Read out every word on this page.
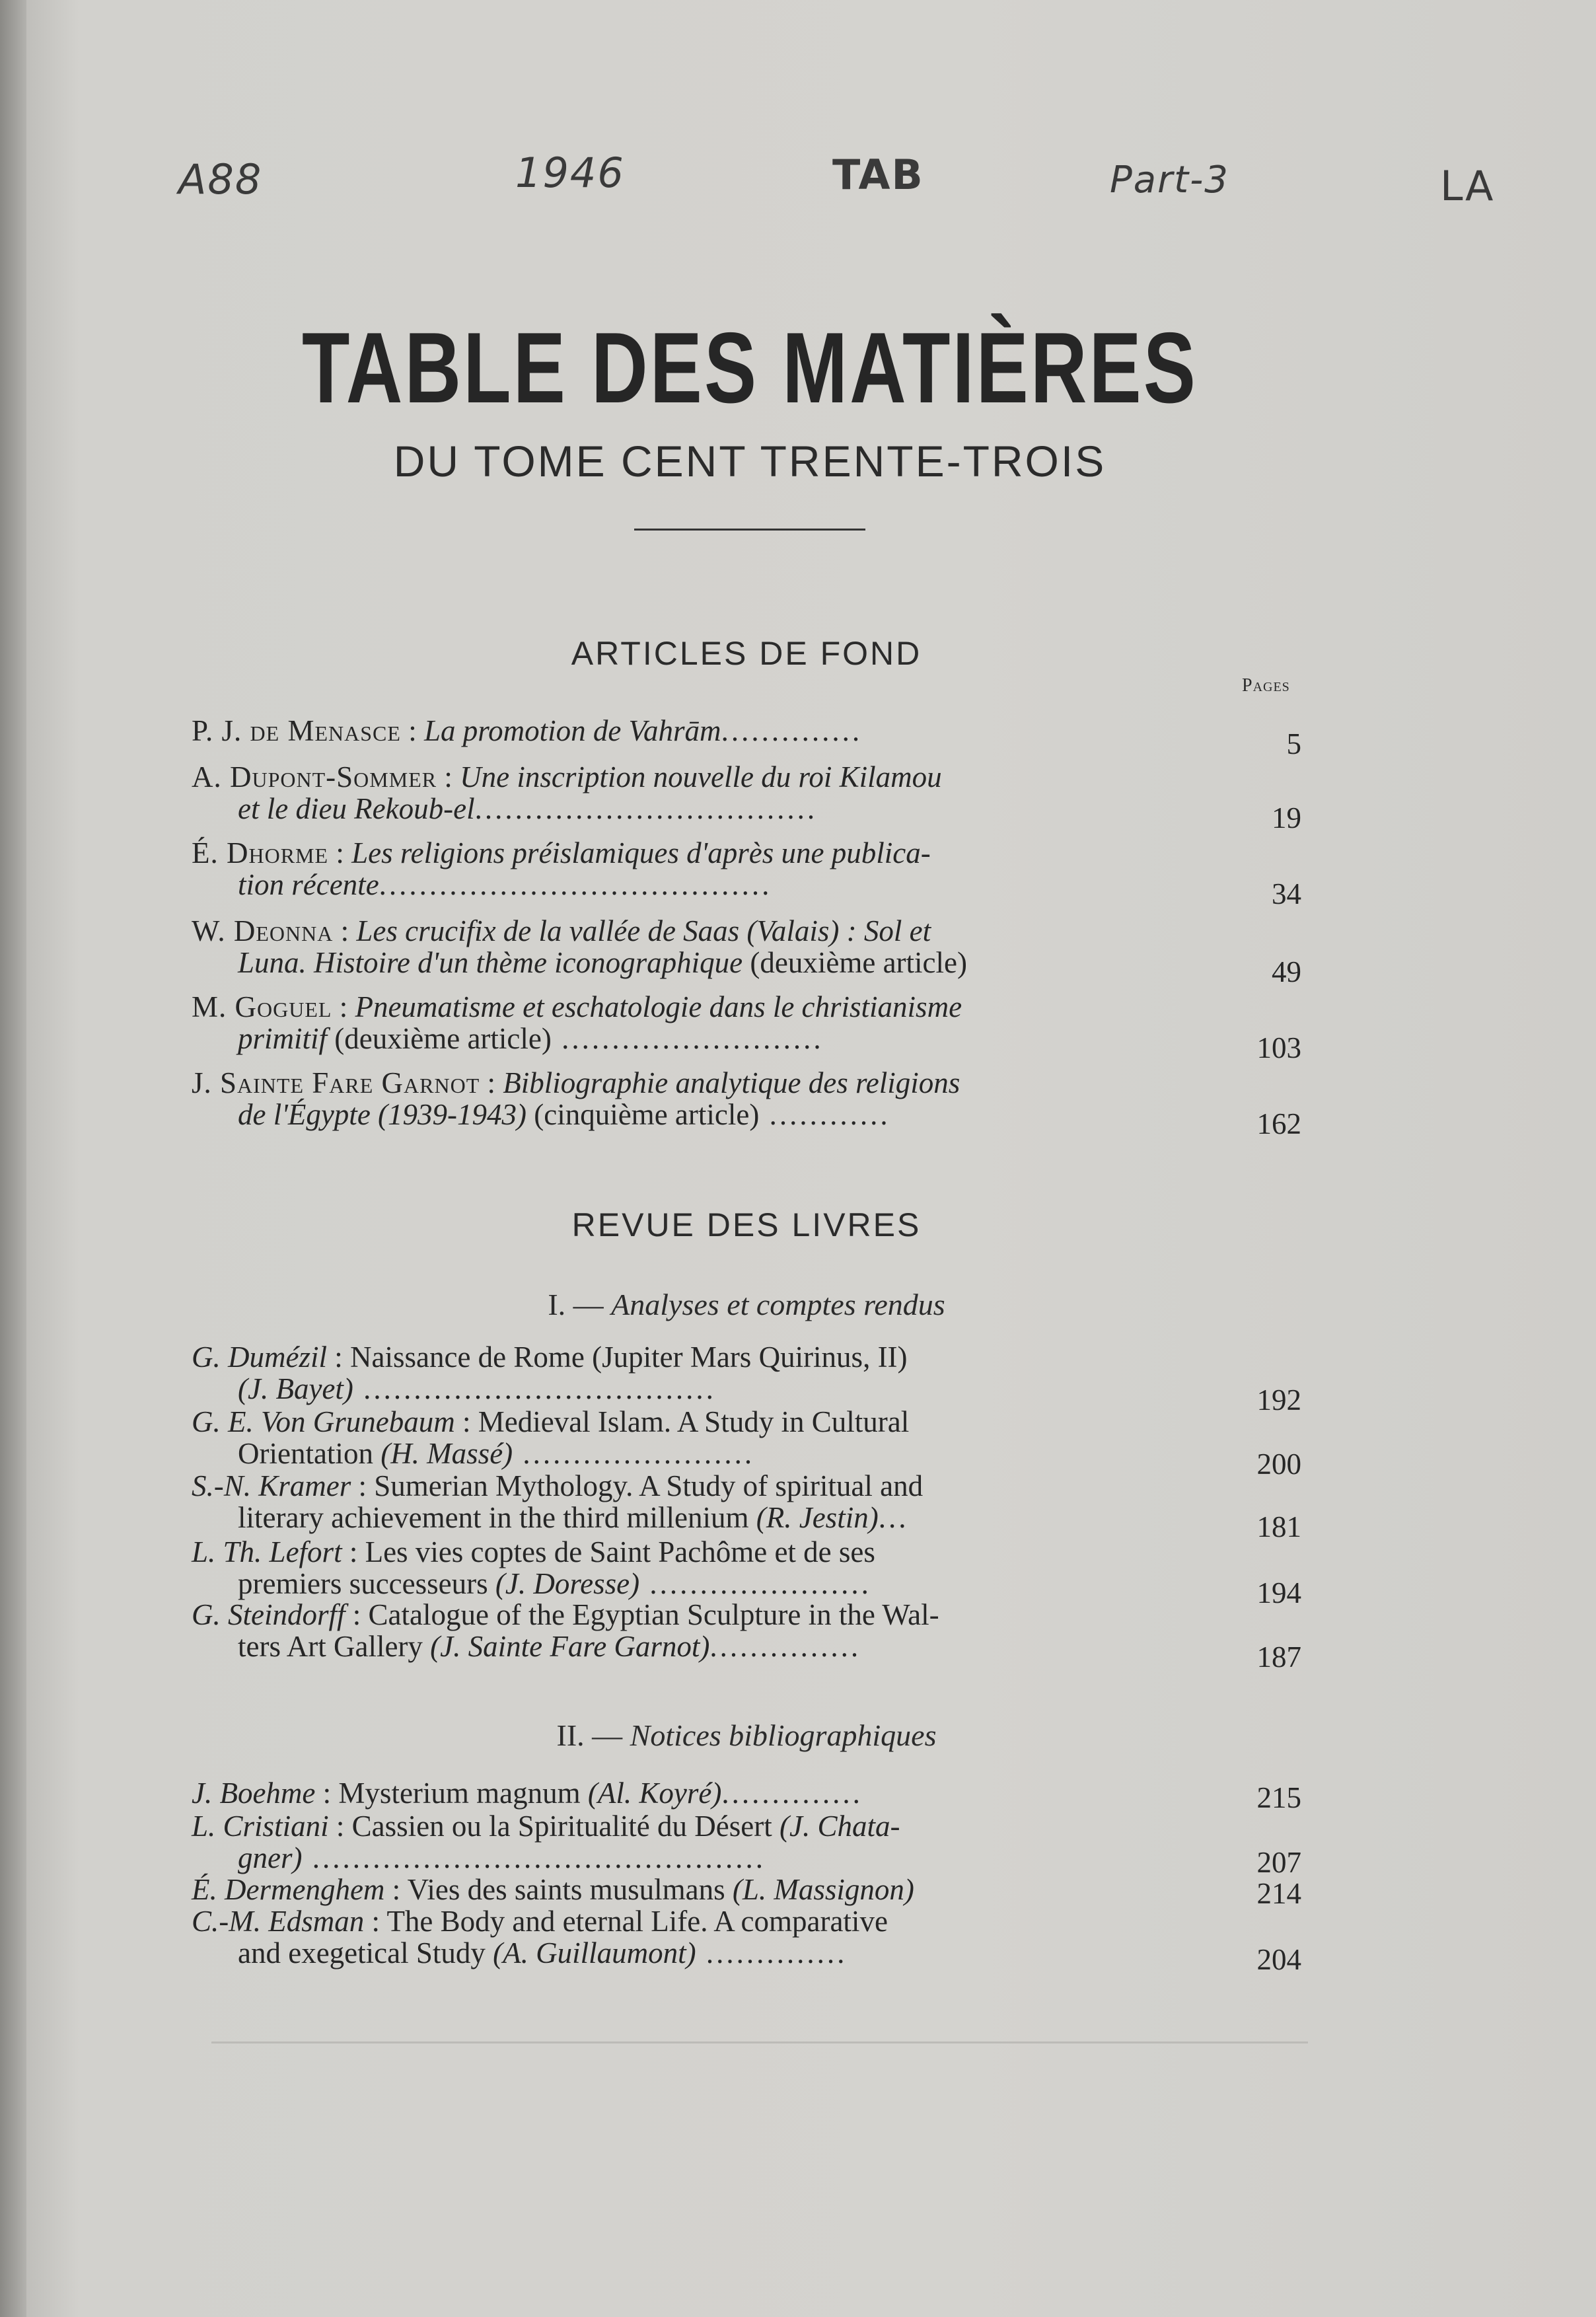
A88	1946	TAB	Part-3	LA
TABLE DES MATIÈRES
DU TOME CENT TRENTE-TROIS
ARTICLES DE FOND
Pages
P. J. de Menasce : La promotion de Vahrām..............	5
A. Dupont-Sommer : Une inscription nouvelle du roi Kilamou
et le dieu Rekoub-el..................................	19
É. Dhorme : Les religions préislamiques d'après une publica-
tion récente.......................................	34
W. Deonna : Les crucifix de la vallée de Saas (Valais) : Sol et
Luna. Histoire d'un thème iconographique (deuxième article)	49
M. Goguel : Pneumatisme et eschatologie dans le christianisme
primitif (deuxième article) ..........................	103
J. Sainte Fare Garnot : Bibliographie analytique des religions
de l'Égypte (1939-1943) (cinquième article) ............	162
REVUE DES LIVRES
I. — Analyses et comptes rendus
G. Dumézil : Naissance de Rome (Jupiter Mars Quirinus, II)
(J. Bayet) ...................................	192
G. E. Von Grunebaum : Medieval Islam. A Study in Cultural
Orientation (H. Massé) .......................	200
S.-N. Kramer : Sumerian Mythology. A Study of spiritual and
literary achievement in the third millenium (R. Jestin)...	181
L. Th. Lefort : Les vies coptes de Saint Pachôme et de ses
premiers successeurs (J. Doresse) ......................	194
G. Steindorff : Catalogue of the Egyptian Sculpture in the Wal-
ters Art Gallery (J. Sainte Fare Garnot)...............	187
II. — Notices bibliographiques
J. Boehme : Mysterium magnum (Al. Koyré)..............	215
L. Cristiani : Cassien ou la Spiritualité du Désert (J. Chata-
gner) .............................................	207
É. Dermenghem : Vies des saints musulmans (L. Massignon)	214
C.-M. Edsman : The Body and eternal Life. A comparative
and exegetical Study (A. Guillaumont) ..............	204
